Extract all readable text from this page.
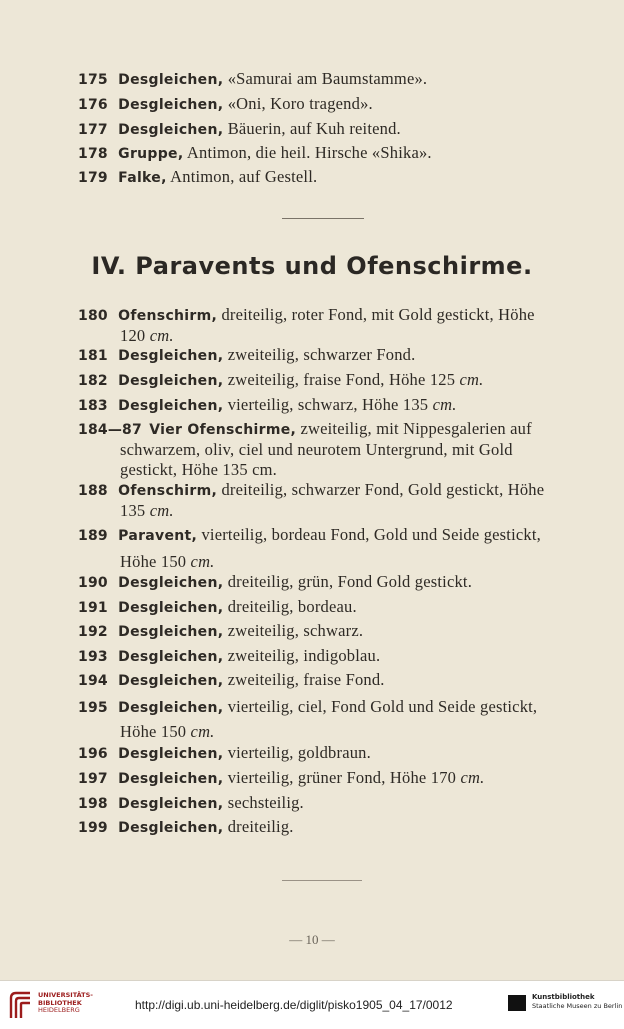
175 Desgleichen, «Samurai am Baumstamme».
176 Desgleichen, «Oni, Koro tragend».
177 Desgleichen, Bäuerin, auf Kuh reitend.
178 Gruppe, Antimon, die heil. Hirsche «Shika».
179 Falke, Antimon, auf Gestell.
IV. Paravents und Ofenschirme.
180 Ofenschirm, dreiteilig, roter Fond, mit Gold gestickt, Höhe
120 cm.
181 Desgleichen, zweiteilig, schwarzer Fond.
182 Desgleichen, zweiteilig, fraise Fond, Höhe 125 cm.
183 Desgleichen, vierteilig, schwarz, Höhe 135 cm.
184—87 Vier Ofenschirme, zweiteilig, mit Nippesgalerien auf
schwarzem, oliv, ciel und neurotem Untergrund, mit Gold
gestickt, Höhe 135 cm.
188 Ofenschirm, dreiteilig, schwarzer Fond, Gold gestickt, Höhe
135 cm.
189 Paravent, vierteilig, bordeau Fond, Gold und Seide gestickt,
Höhe 150 cm.
190 Desgleichen, dreiteilig, grün, Fond Gold gestickt.
191 Desgleichen, dreiteilig, bordeau.
192 Desgleichen, zweiteilig, schwarz.
193 Desgleichen, zweiteilig, indigoblau.
194 Desgleichen, zweiteilig, fraise Fond.
195 Desgleichen, vierteilig, ciel, Fond Gold und Seide gestickt,
Höhe 150 cm.
196 Desgleichen, vierteilig, goldbraun.
197 Desgleichen, vierteilig, grüner Fond, Höhe 170 cm.
198 Desgleichen, sechsteilig.
199 Desgleichen, dreiteilig.
— 10 —
UNIVERSITÄTS-
BIBLIOTHEK
HEIDELBERG	http://digi.ub.uni-heidelberg.de/diglit/pisko1905_04_17/0012
Kunstbibliothek
Staatliche Museen zu Berlin
